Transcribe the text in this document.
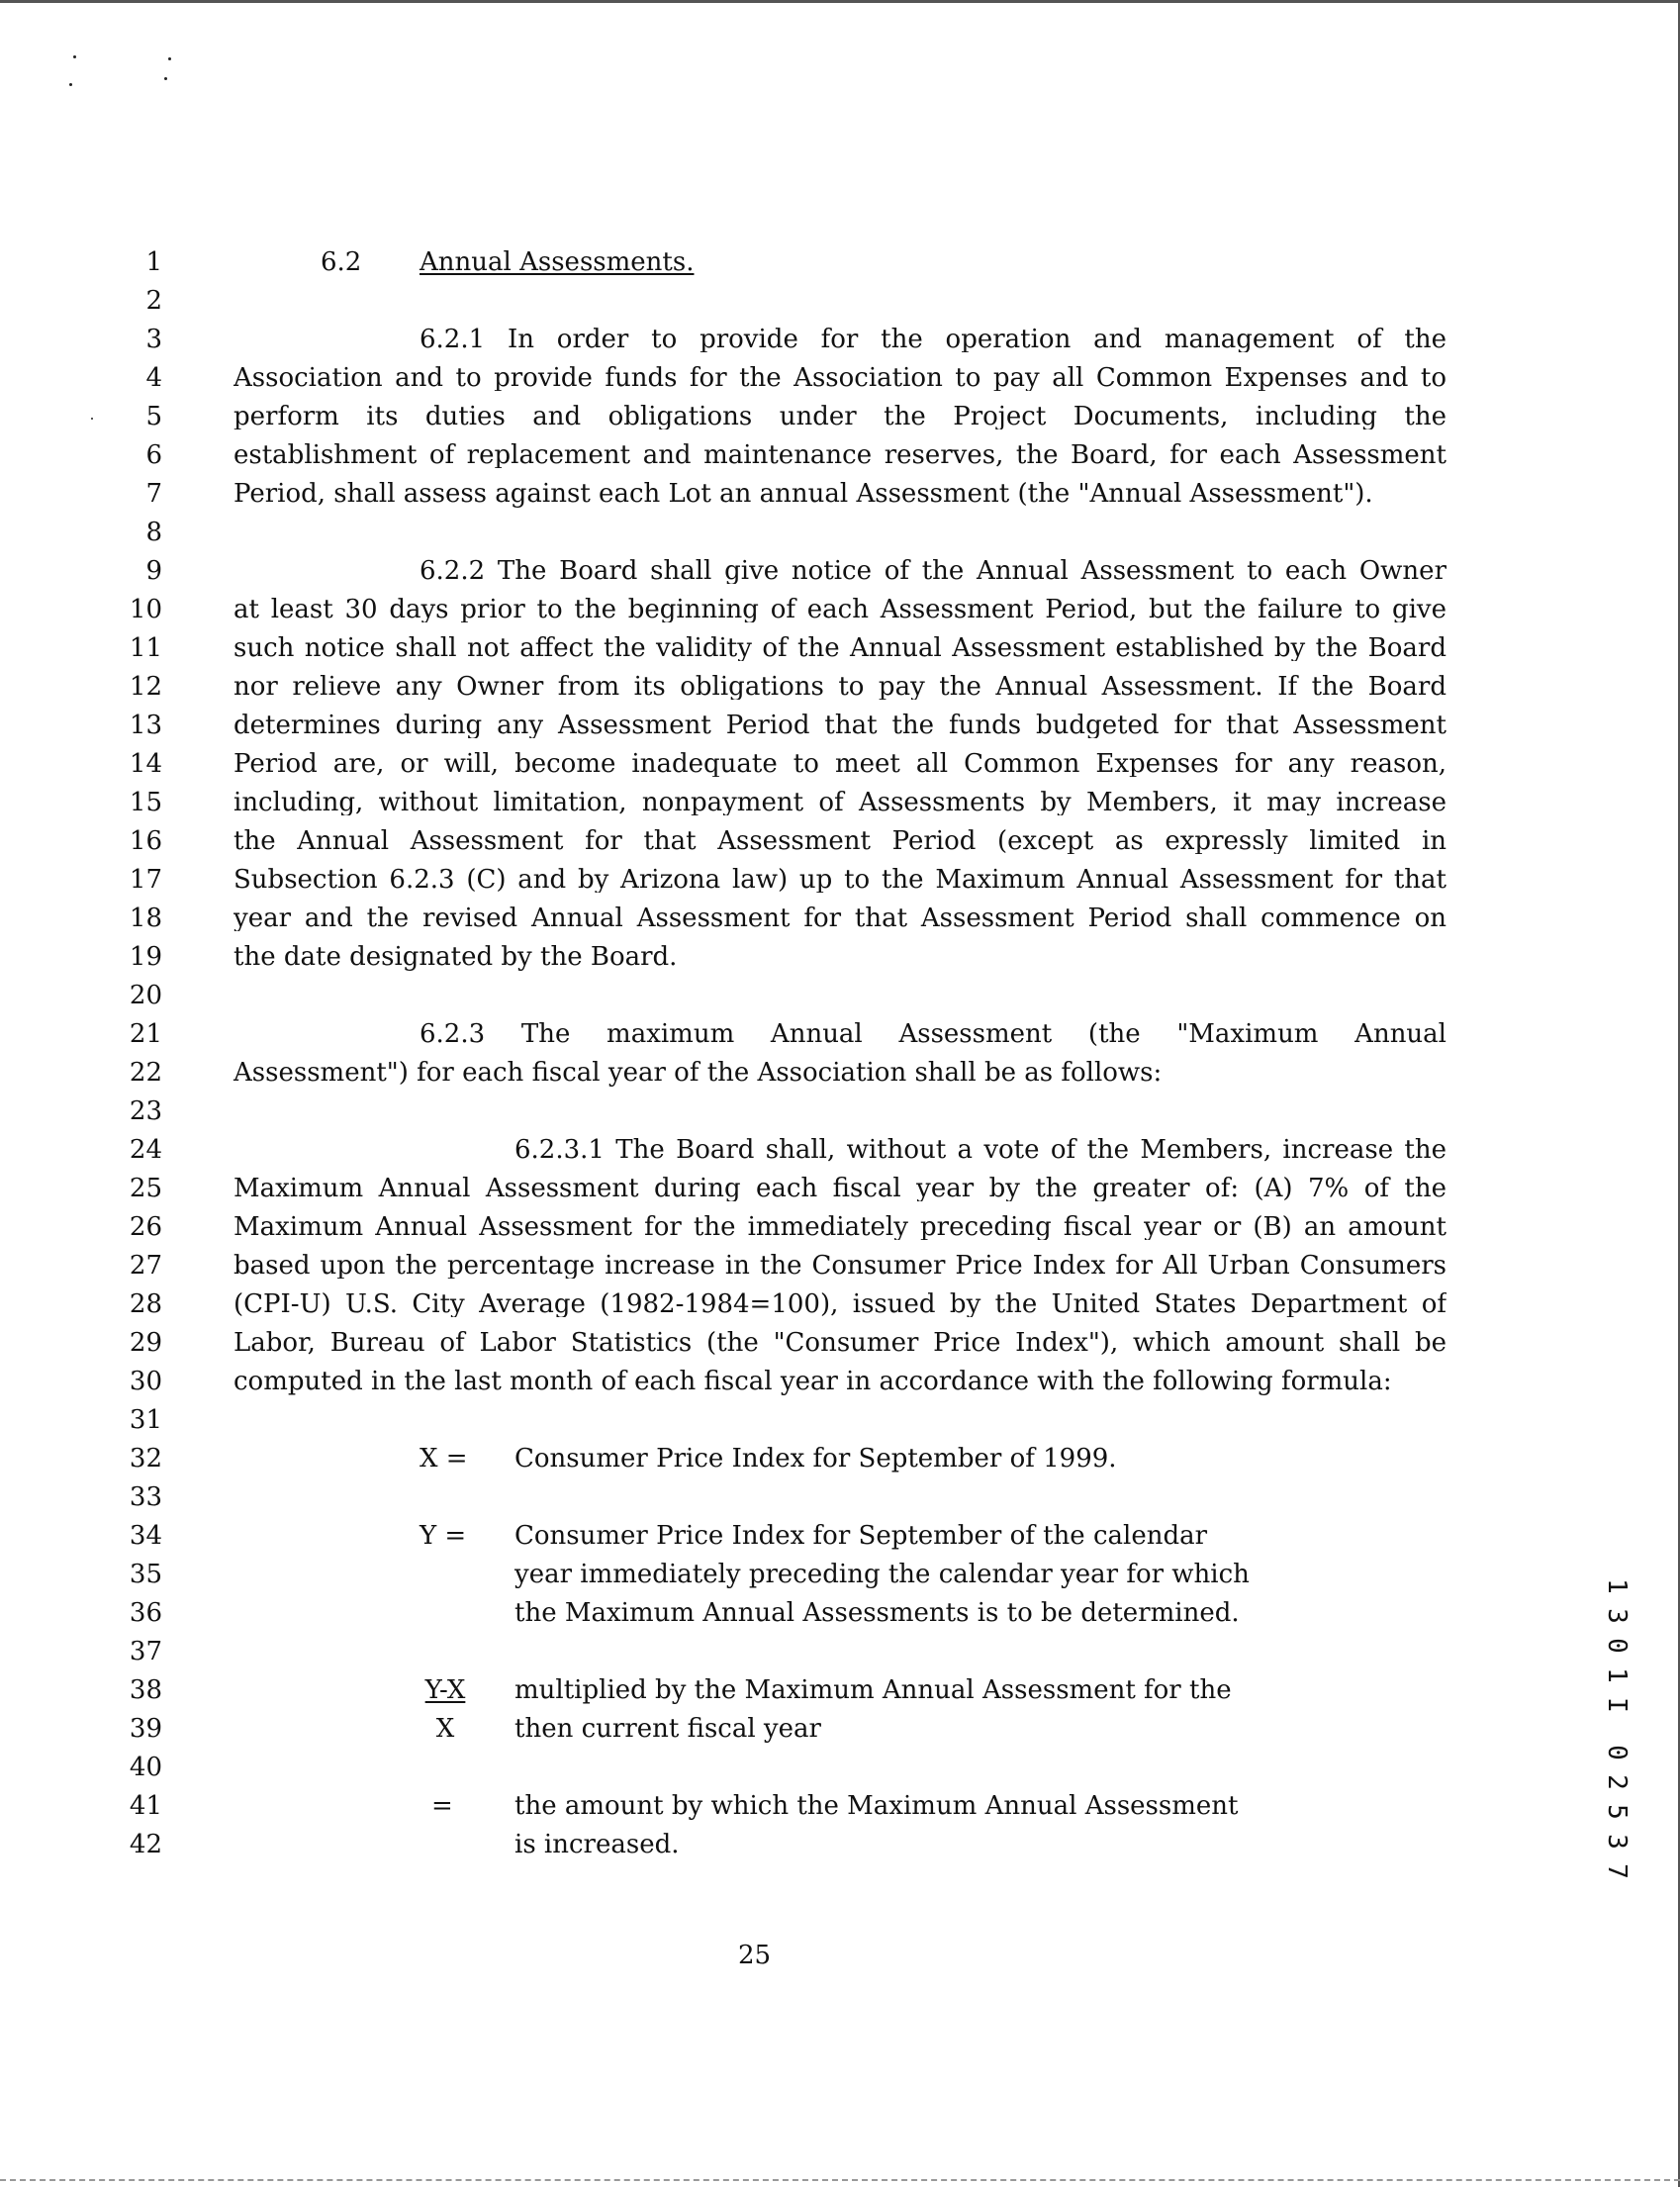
1
2
3
4
5
6
7
8
9
10
11
12
13
14
15
16
17
18
19
20
21
22
23
24
25
26
27
28
29
30
31
32
33
34
35
36
37
38
39
40
41
42
6.2 Annual Assessments.
6.2.1 In order to provide for the operation and management of the
Association and to provide funds for the Association to pay all Common Expenses and to
perform its duties and obligations under the Project Documents, including the
establishment of replacement and maintenance reserves, the Board, for each Assessment
Period, shall assess against each Lot an annual Assessment (the "Annual Assessment").
6.2.2 The Board shall give notice of the Annual Assessment to each Owner
at least 30 days prior to the beginning of each Assessment Period, but the failure to give
such notice shall not affect the validity of the Annual Assessment established by the Board
nor relieve any Owner from its obligations to pay the Annual Assessment. If the Board
determines during any Assessment Period that the funds budgeted for that Assessment
Period are, or will, become inadequate to meet all Common Expenses for any reason,
including, without limitation, nonpayment of Assessments by Members, it may increase
the Annual Assessment for that Assessment Period (except as expressly limited in
Subsection 6.2.3 (C) and by Arizona law) up to the Maximum Annual Assessment for that
year and the revised Annual Assessment for that Assessment Period shall commence on
the date designated by the Board.
6.2.3 The maximum Annual Assessment (the "Maximum Annual
Assessment") for each fiscal year of the Association shall be as follows:
6.2.3.1 The Board shall, without a vote of the Members, increase the
Maximum Annual Assessment during each fiscal year by the greater of: (A) 7% of the
Maximum Annual Assessment for the immediately preceding fiscal year or (B) an amount
based upon the percentage increase in the Consumer Price Index for All Urban Consumers
(CPI-U) U.S. City Average (1982-1984=100), issued by the United States Department of
Labor, Bureau of Labor Statistics (the "Consumer Price Index"), which amount shall be
computed in the last month of each fiscal year in accordance with the following formula:
X = Consumer Price Index for September of 1999.
Y = Consumer Price Index for September of the calendar
year immediately preceding the calendar year for which
the Maximum Annual Assessments is to be determined.
Y-X
X
multiplied by the Maximum Annual Assessment for the
then current fiscal year
= the amount by which the Maximum Annual Assessment
is increased.
25
1
3
0
1
I
0
2
5
3
7
